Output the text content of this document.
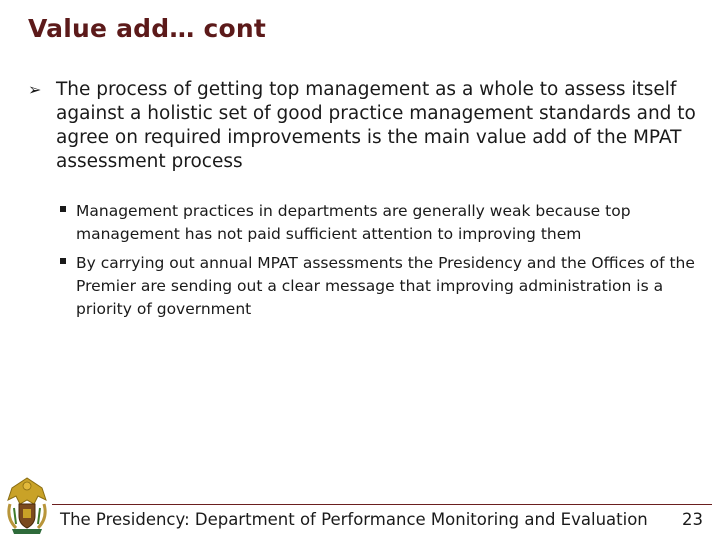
Value add… cont
➢ The process of getting top management as a whole to assess itself against a holistic set of good practice management standards and to agree on required improvements is the main value add of the MPAT assessment process
Management practices in departments are generally weak because top management has not paid sufficient attention to improving them
By carrying out annual MPAT assessments the Presidency and the Offices of the Premier are sending out a clear message that improving administration is a priority of government
The Presidency: Department of Performance Monitoring and Evaluation 23
